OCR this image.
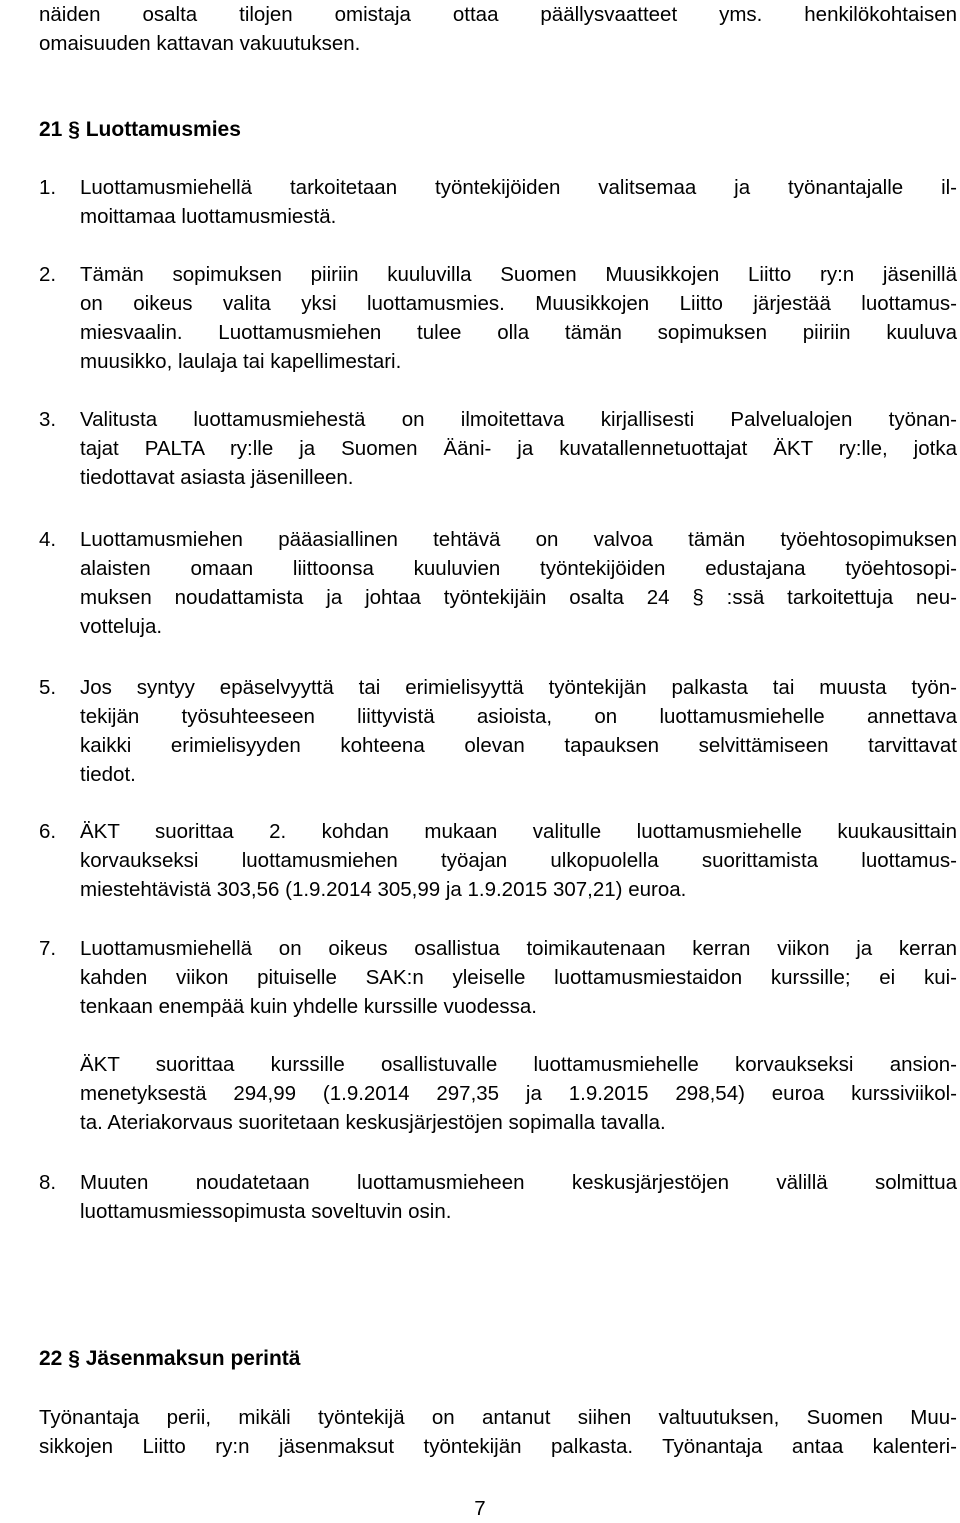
näiden osalta tilojen omistaja ottaa päällysvaatteet yms. henkilökohtaisen
omaisuuden kattavan vakuutuksen.
21 § Luottamusmies
1.	Luottamusmiehellä tarkoitetaan työntekijöiden valitsemaa ja työnantajalle il-
moittamaa luottamusmiestä.
2.	Tämän sopimuksen piiriin kuuluvilla Suomen Muusikkojen Liitto ry:n jäsenillä
on oikeus valita yksi luottamusmies. Muusikkojen Liitto järjestää luottamus-
miesvaalin. Luottamusmiehen tulee olla tämän sopimuksen piiriin kuuluva
muusikko, laulaja tai kapellimestari.
3.	Valitusta luottamusmiehestä on ilmoitettava kirjallisesti Palvelualojen työnan-
tajat PALTA ry:lle ja Suomen Ääni- ja kuvatallennetuottajat ÄKT ry:lle, jotka
tiedottavat asiasta jäsenilleen.
4.	Luottamusmiehen pääasiallinen tehtävä on valvoa tämän työehtosopimuksen
alaisten omaan liittoonsa kuuluvien työntekijöiden edustajana työehtosopi-
muksen noudattamista ja johtaa työntekijäin osalta 24 § :ssä tarkoitettuja neu-
votteluja.
5.	Jos syntyy epäselvyyttä tai erimielisyyttä työntekijän palkasta tai muusta työn-
tekijän työsuhteeseen liittyvistä asioista, on luottamusmiehelle annettava
kaikki erimielisyyden kohteena olevan tapauksen selvittämiseen tarvittavat
tiedot.
6.	ÄKT suorittaa 2. kohdan mukaan valitulle luottamusmiehelle kuukausittain
korvaukseksi luottamusmiehen työajan ulkopuolella suorittamista luottamus-
miestehtävistä 303,56 (1.9.2014 305,99 ja 1.9.2015 307,21) euroa.
7.	Luottamusmiehellä on oikeus osallistua toimikautenaan kerran viikon ja kerran
kahden viikon pituiselle SAK:n yleiselle luottamusmiestaidon kurssille; ei kui-
tenkaan enempää kuin yhdelle kurssille vuodessa.
ÄKT suorittaa kurssille osallistuvalle luottamusmiehelle korvaukseksi ansion-
menetyksestä 294,99 (1.9.2014 297,35 ja 1.9.2015 298,54) euroa kurssiviikol-
ta. Ateriakorvaus suoritetaan keskusjärjestöjen sopimalla tavalla.
8.	Muuten noudatetaan luottamusmieheen keskusjärjestöjen välillä solmittua
luottamusmiessopimusta soveltuvin osin.
22 § Jäsenmaksun perintä
Työnantaja perii, mikäli työntekijä on antanut siihen valtuutuksen, Suomen Muu-
sikkojen Liitto ry:n jäsenmaksut työntekijän palkasta. Työnantaja antaa kalenteri-
7
